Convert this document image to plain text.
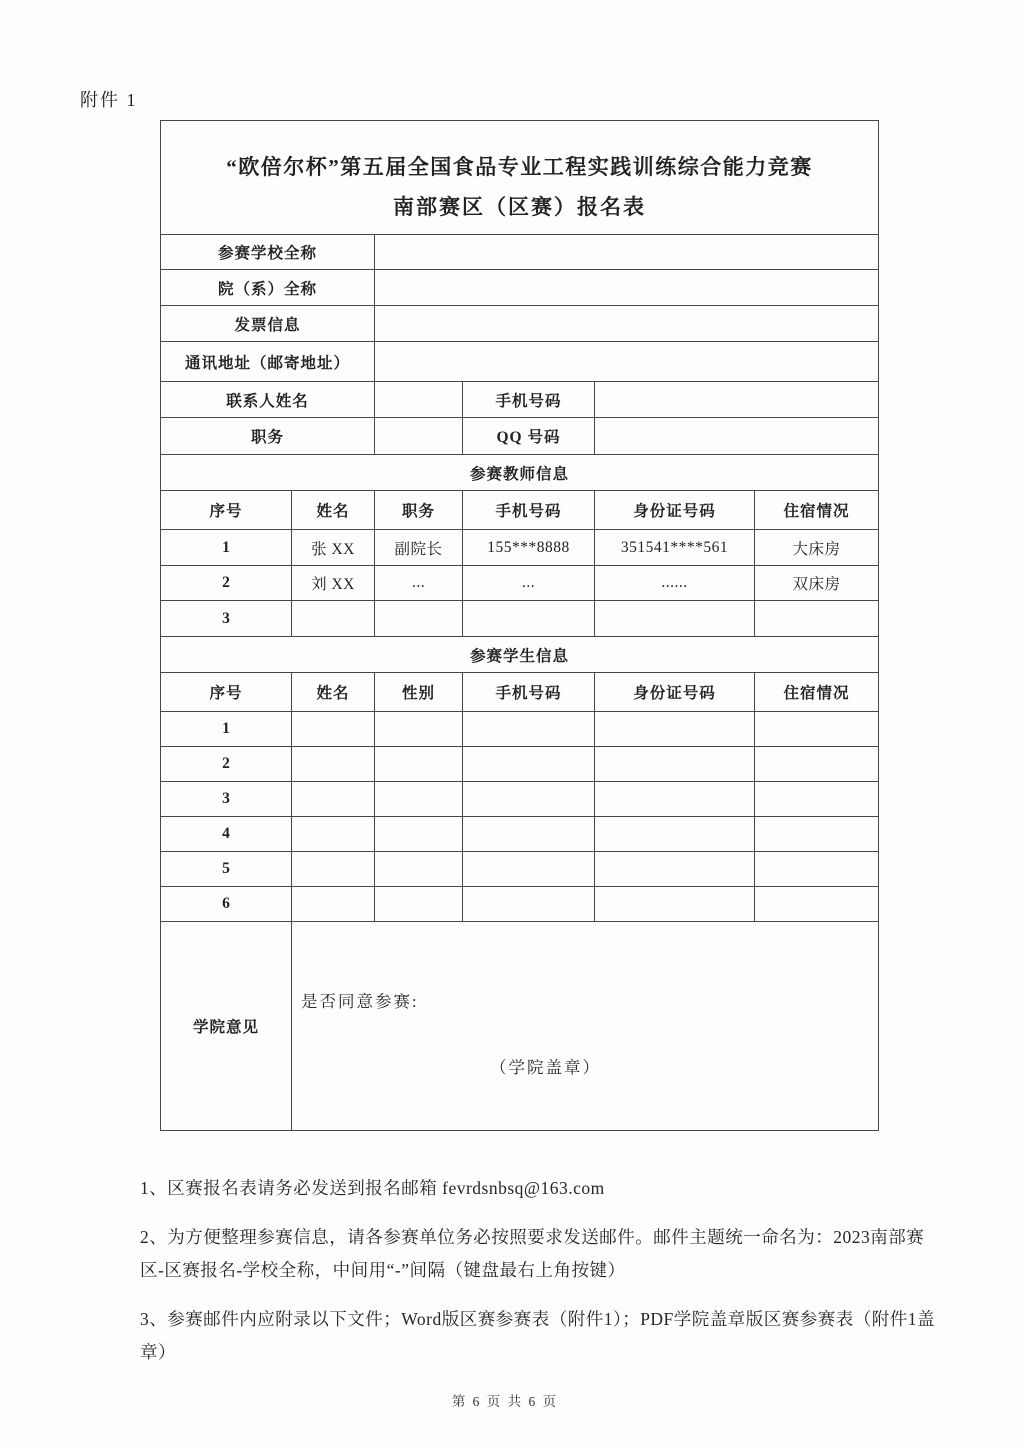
附件 1
“欧倍尔杯”第五届全国食品专业工程实践训练综合能力竞赛
南部赛区（区赛）报名表					

参赛学校全称					
院（系）全称					
发票信息					
通讯地址（邮寄地址）					
联系人姓名			手机号码		
职务			QQ 号码		
参赛教师信息					
序号	姓名	职务	手机号码	身份证号码	住宿情况
1	张 XX	副院长	155***8888	351541****561	大床房
2	刘 XX	...	...	......	双床房
3					
参赛学生信息					
序号	姓名	性别	手机号码	身份证号码	住宿情况
1					
2					
3					
4					
5					
6					
学院意见	是否同意参赛:
（学院盖章）				

1、区赛报名表请务必发送到报名邮箱 fevrdsnbsq@163.com

2、为方便整理参赛信息，请各参赛单位务必按照要求发送邮件。邮件主题统一命名为：2023南部赛区-区赛报名-学校全称，中间用“-”间隔（键盘最右上角按键）

3、参赛邮件内应附录以下文件；Word版区赛参赛表（附件1）；PDF学院盖章版区赛参赛表（附件1盖章）

第 6 页 共 6 页
